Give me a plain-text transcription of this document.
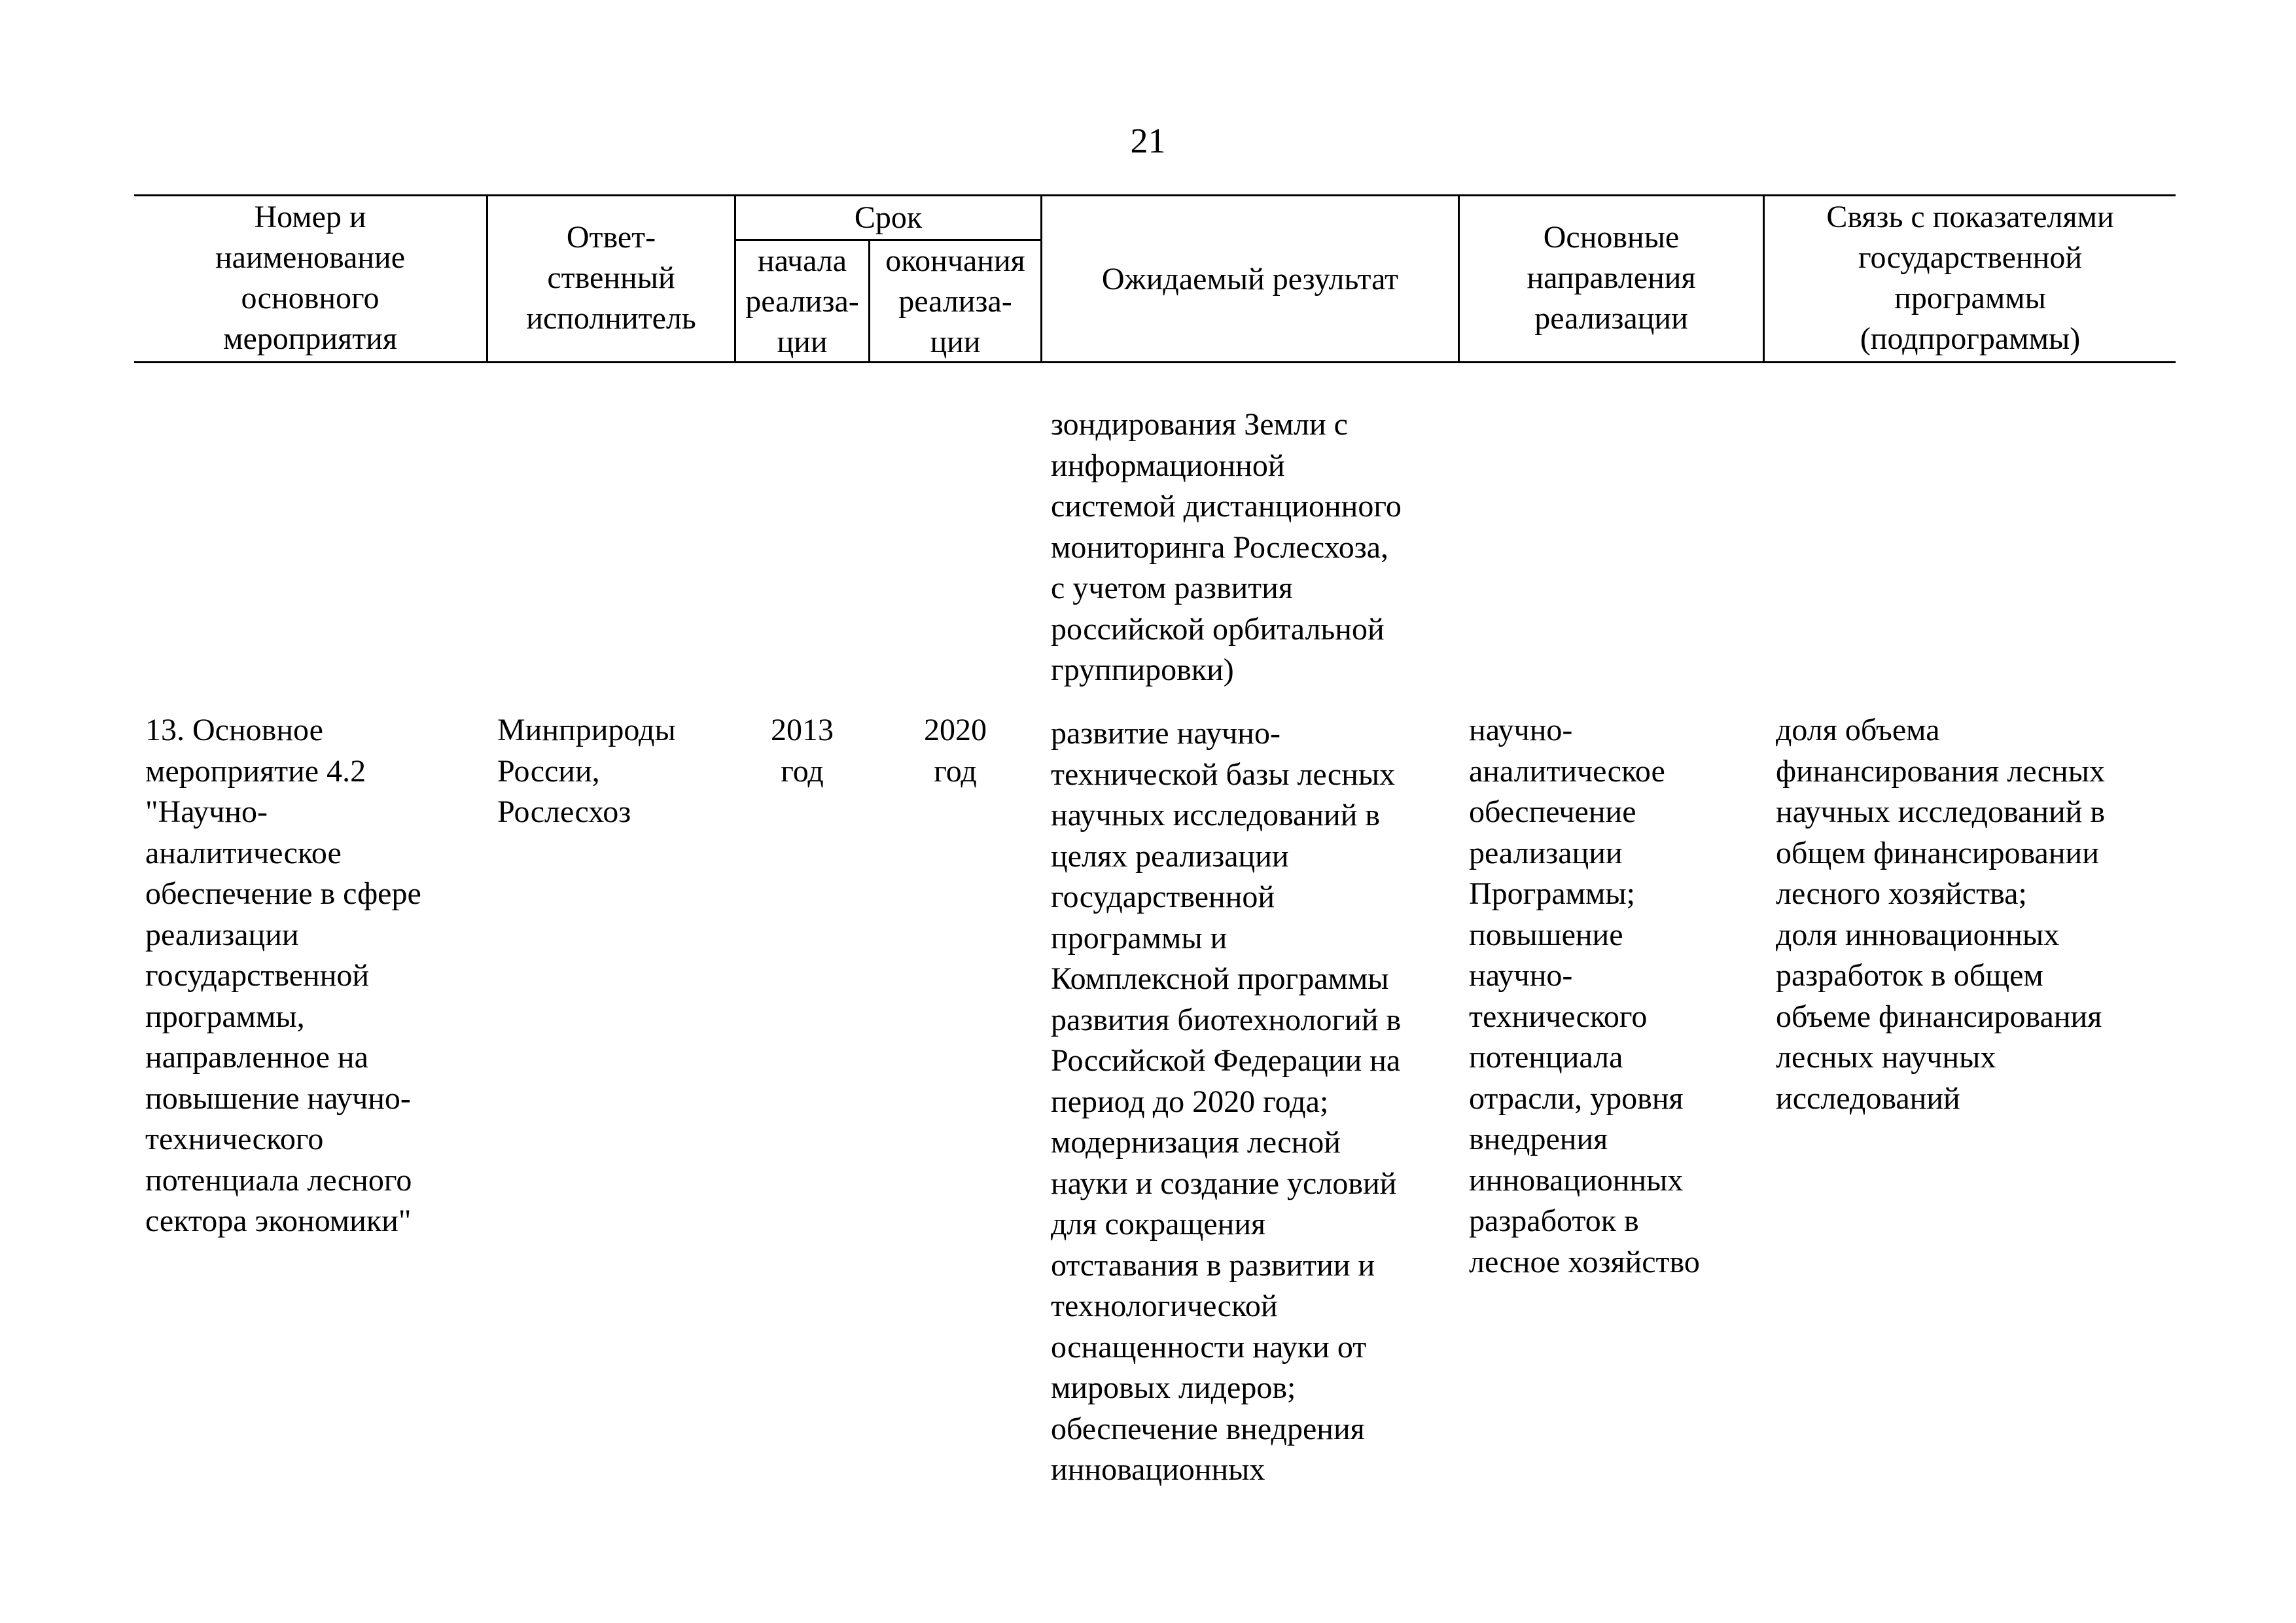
21
Номер и
наименование
основного
мероприятия
Ответ-
ственный
исполнитель
Срок
начала
реализа-
ции
окончания
реализа-
ции
Ожидаемый результат
Основные
направления
реализации
Связь с показателями
государственной
программы
(подпрограммы)
зондирования Земли с
информационной
системой дистанционного
мониторинга Рослесхоза,
с учетом развития
российской орбитальной
группировки)
13. Основное
мероприятие 4.2
"Научно-
аналитическое
обеспечение в сфере
реализации
государственной
программы,
направленное на
повышение научно-
технического
потенциала лесного
сектора экономики"
Минприроды
России,
Рослесхоз
2013
год
2020
год
развитие научно-
технической базы лесных
научных исследований в
целях реализации
государственной
программы и
Комплексной программы
развития биотехнологий в
Российской Федерации на
период до 2020 года;
модернизация лесной
науки и создание условий
для сокращения
отставания в развитии и
технологической
оснащенности науки от
мировых лидеров;
обеспечение внедрения
инновационных
научно-
аналитическое
обеспечение
реализации
Программы;
повышение
научно-
технического
потенциала
отрасли, уровня
внедрения
инновационных
разработок в
лесное хозяйство
доля объема
финансирования лесных
научных исследований в
общем финансировании
лесного хозяйства;
доля инновационных
разработок в общем
объеме финансирования
лесных научных
исследований
